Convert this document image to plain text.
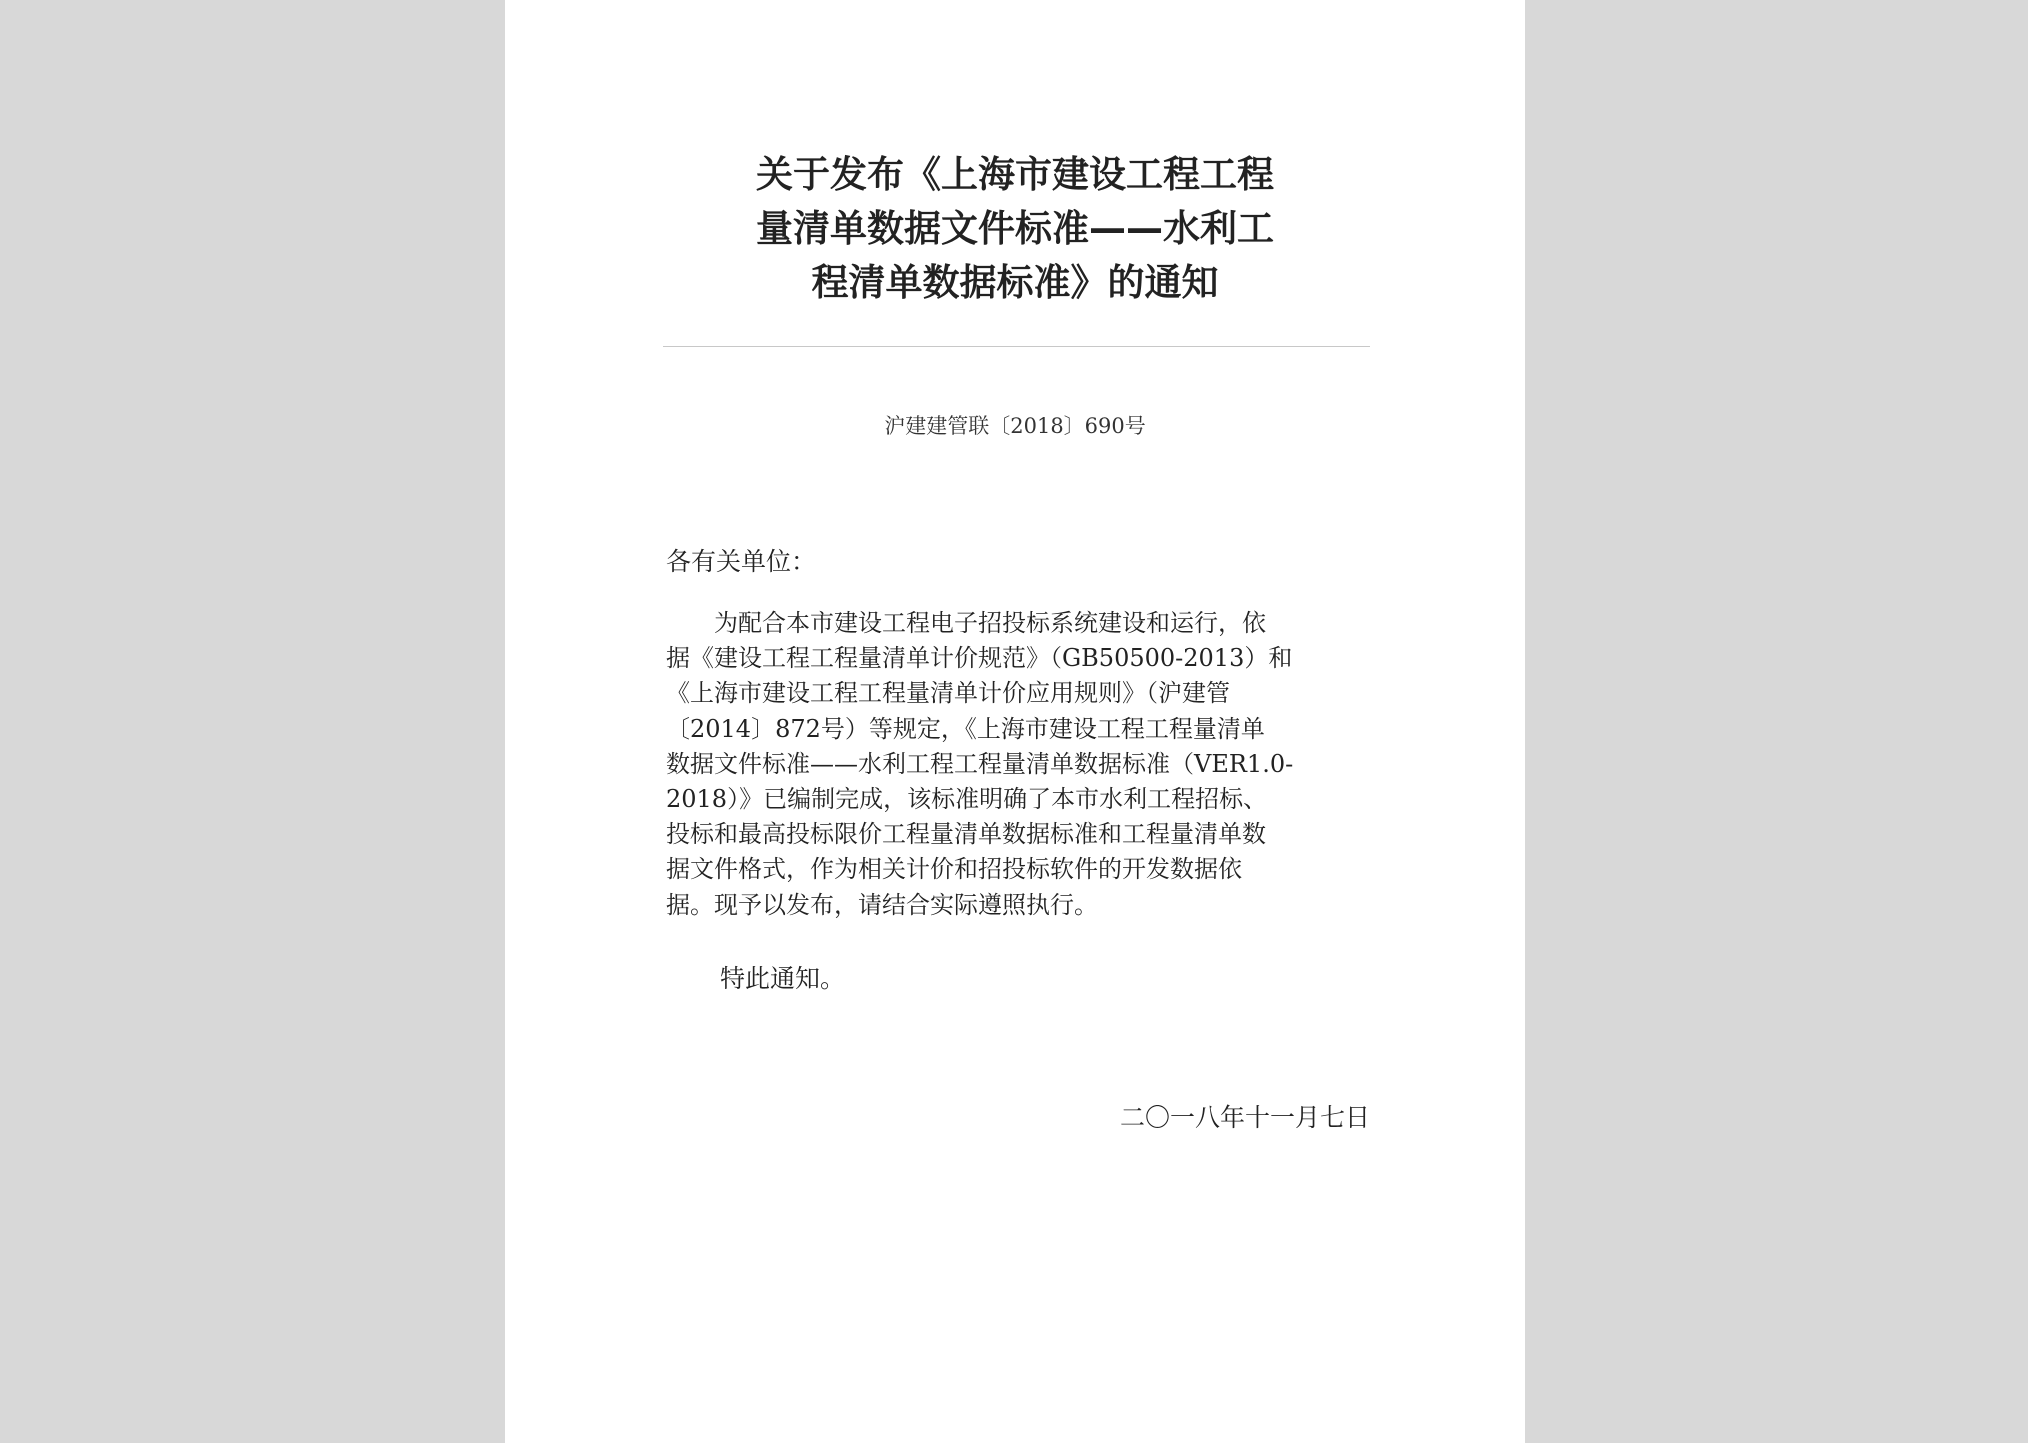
关于发布《上海市建设工程工程
量清单数据文件标准——水利工
程清单数据标准》的通知
沪建建管联〔2018〕690号
各有关单位：
　　为配合本市建设工程电子招投标系统建设和运行，依
据《建设工程工程量清单计价规范》（GB50500-2013）和
《上海市建设工程工程量清单计价应用规则》（沪建管
〔2014〕872号）等规定，《上海市建设工程工程量清单
数据文件标准——水利工程工程量清单数据标准（VER1.0-
2018）》已编制完成，该标准明确了本市水利工程招标、
投标和最高投标限价工程量清单数据标准和工程量清单数
据文件格式，作为相关计价和招投标软件的开发数据依
据。现予以发布，请结合实际遵照执行。
特此通知。
二〇一八年十一月七日
